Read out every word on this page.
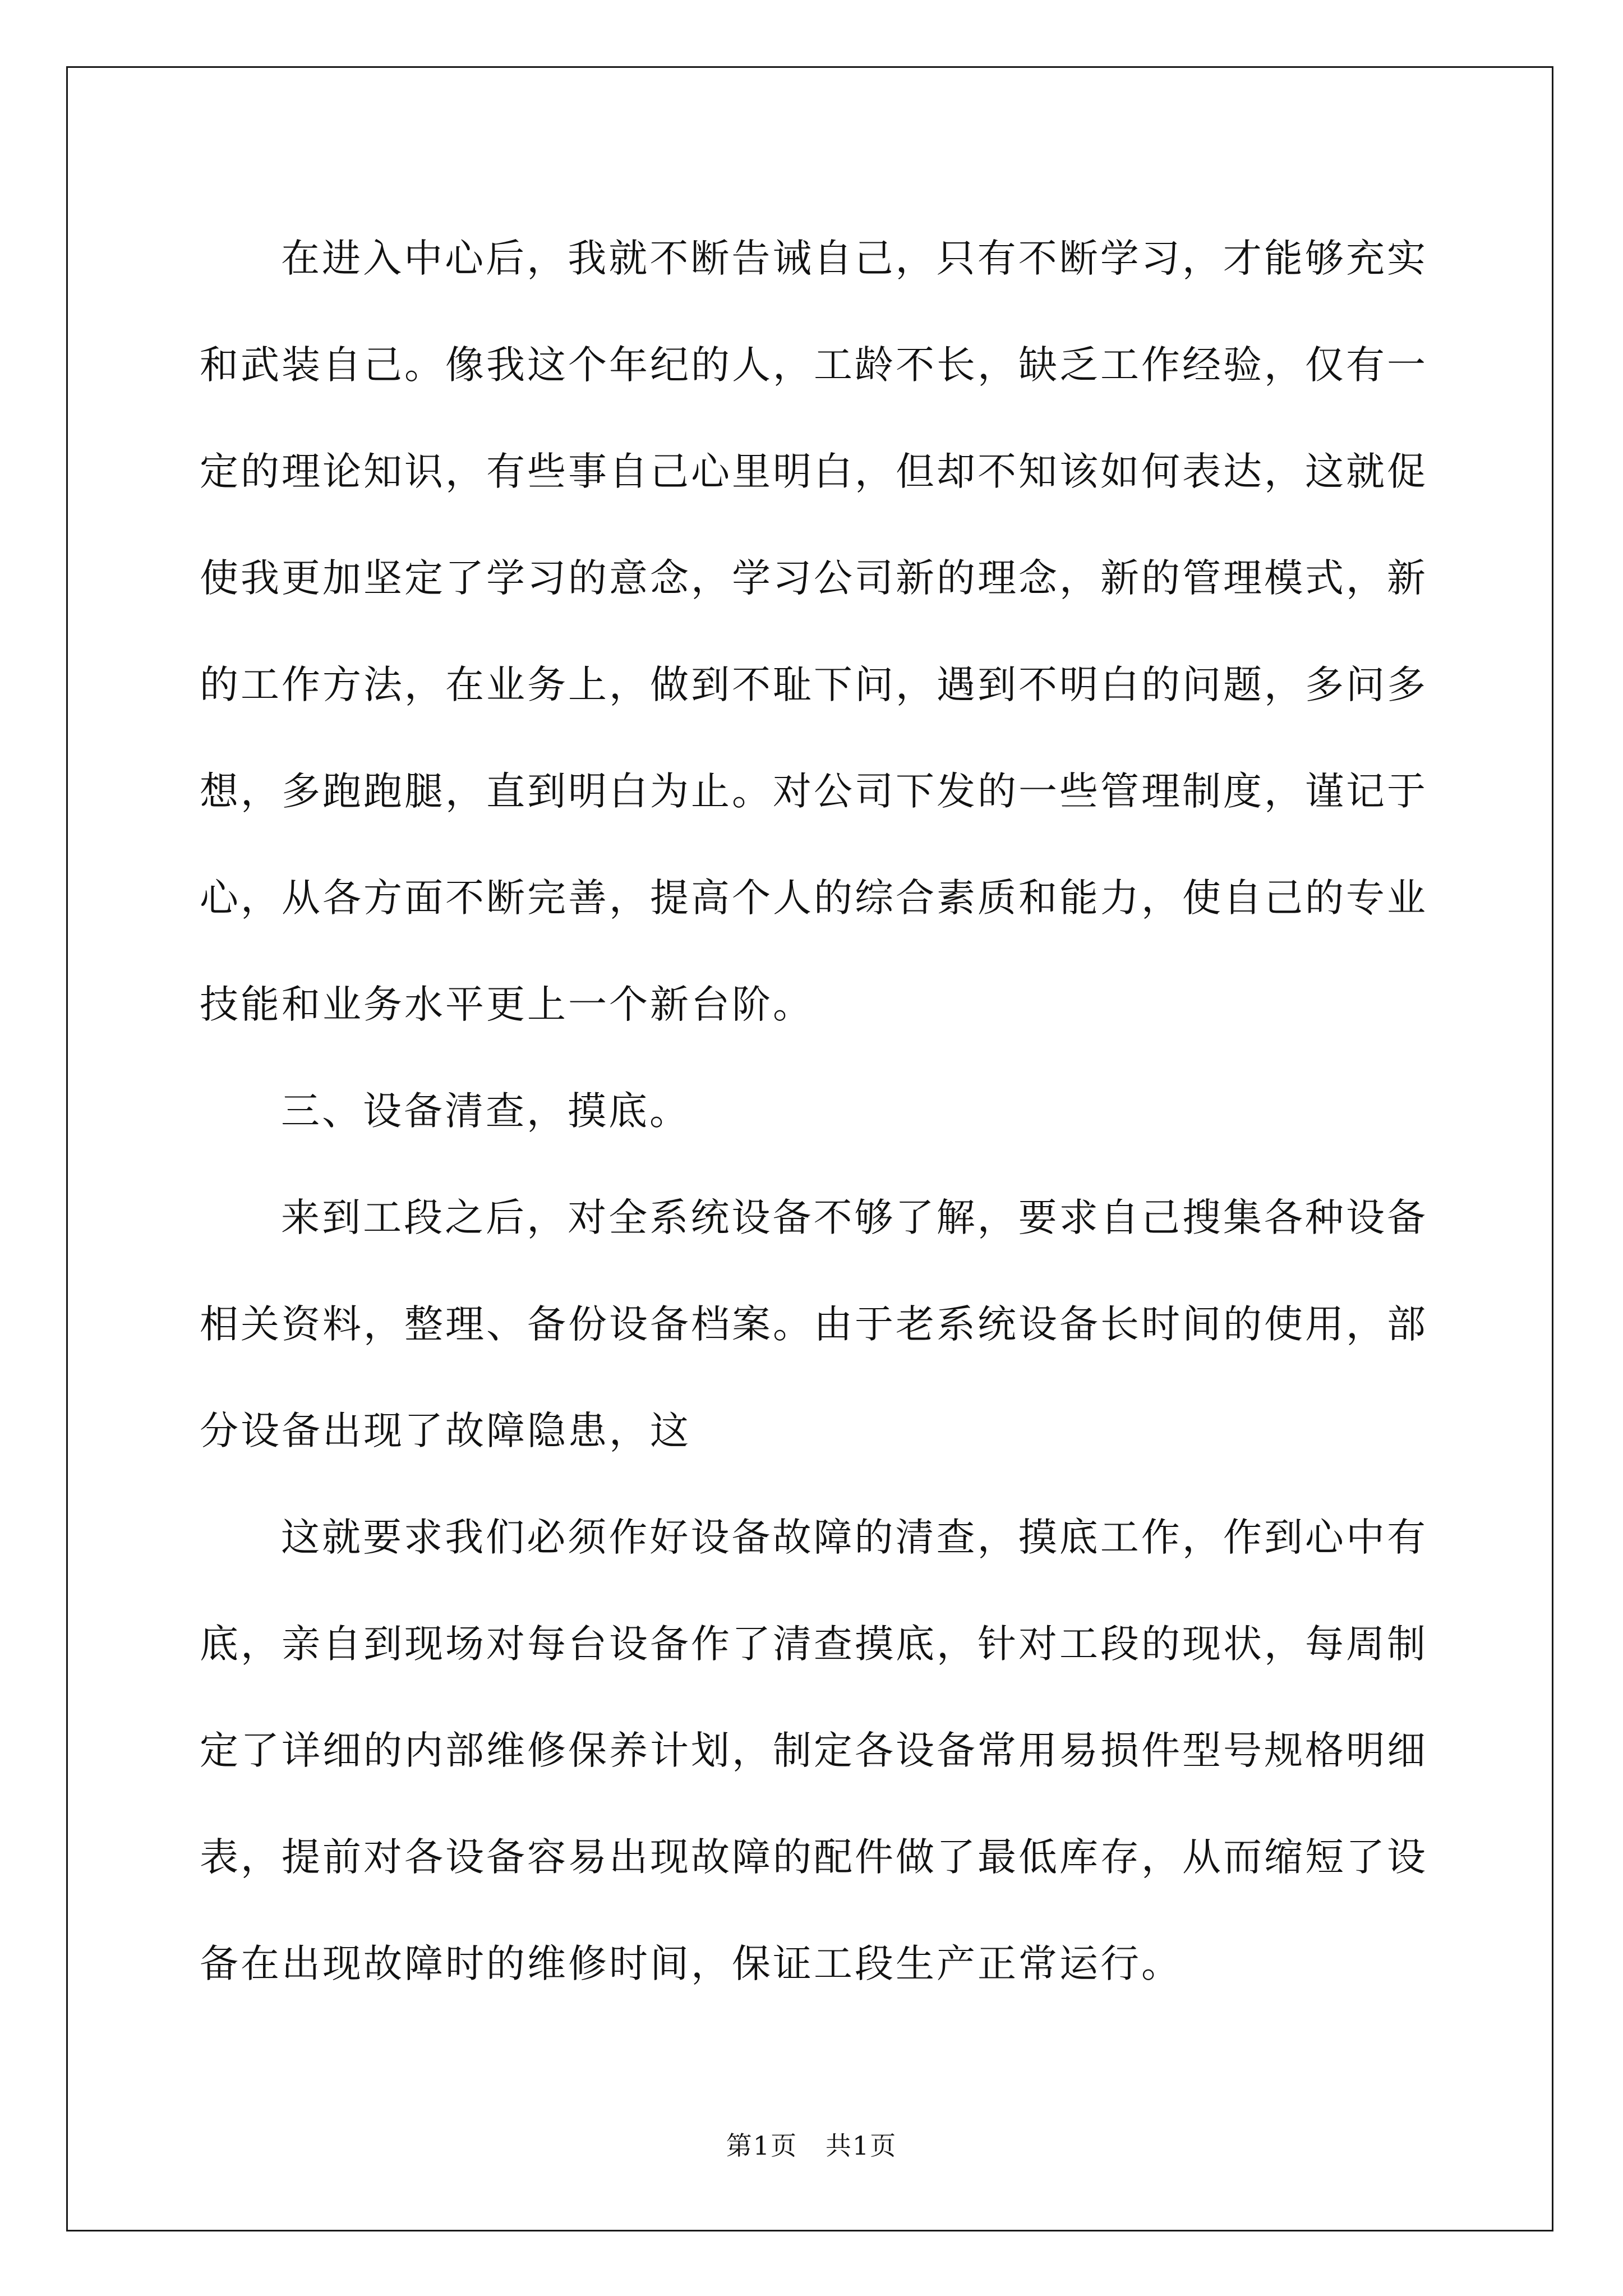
在进入中心后，我就不断告诫自己，只有不断学习，才能够充实和武装自己。像我这个年纪的人，工龄不长，缺乏工作经验，仅有一定的理论知识，有些事自己心里明白，但却不知该如何表达，这就促使我更加坚定了学习的意念，学习公司新的理念，新的管理模式，新的工作方法，在业务上，做到不耻下问，遇到不明白的问题，多问多想，多跑跑腿，直到明白为止。对公司下发的一些管理制度，谨记于心，从各方面不断完善，提高个人的综合素质和能力，使自己的专业技能和业务水平更上一个新台阶。

三、设备清查，摸底。

来到工段之后，对全系统设备不够了解，要求自己搜集各种设备相关资料，整理、备份设备档案。由于老系统设备长时间的使用，部分设备出现了故障隐患，这

这就要求我们必须作好设备故障的清查，摸底工作，作到心中有底，亲自到现场对每台设备作了清查摸底，针对工段的现状，每周制定了详细的内部维修保养计划，制定各设备常用易损件型号规格明细表，提前对各设备容易出现故障的配件做了最低库存，从而缩短了设备在出现故障时的维修时间，保证工段生产正常运行。

第1页   共1页
